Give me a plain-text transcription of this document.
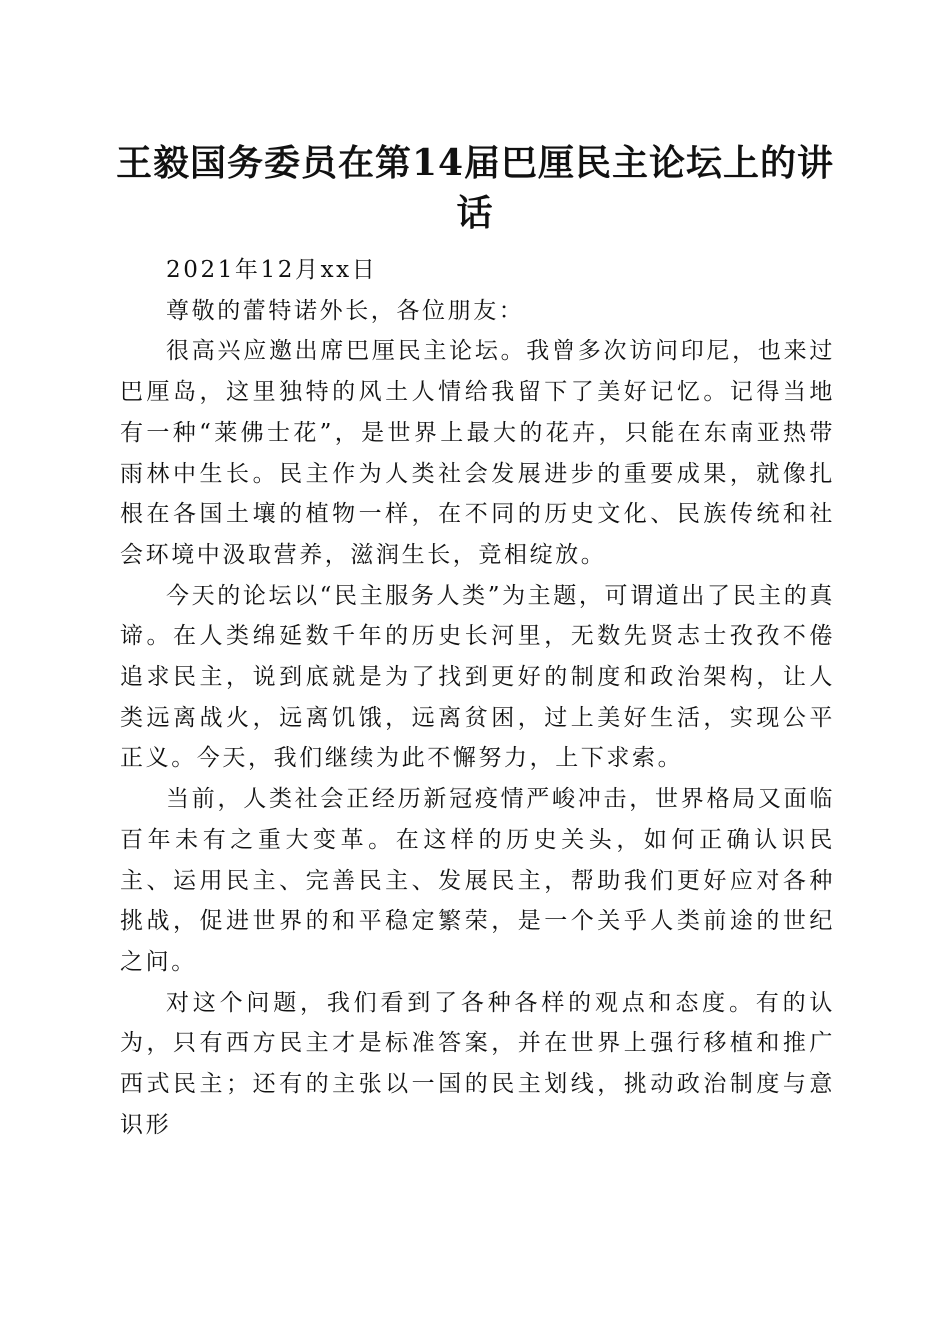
王毅国务委员在第14届巴厘民主论坛上的讲话

2021年12月xx日

尊敬的蕾特诺外长，各位朋友：

很高兴应邀出席巴厘民主论坛。我曾多次访问印尼，也来过巴厘岛，这里独特的风土人情给我留下了美好记忆。记得当地有一种“莱佛士花”，是世界上最大的花卉，只能在东南亚热带雨林中生长。民主作为人类社会发展进步的重要成果，就像扎根在各国土壤的植物一样，在不同的历史文化、民族传统和社会环境中汲取营养，滋润生长，竞相绽放。

今天的论坛以“民主服务人类”为主题，可谓道出了民主的真谛。在人类绵延数千年的历史长河里，无数先贤志士孜孜不倦追求民主，说到底就是为了找到更好的制度和政治架构，让人类远离战火，远离饥饿，远离贫困，过上美好生活，实现公平正义。今天，我们继续为此不懈努力，上下求索。

当前，人类社会正经历新冠疫情严峻冲击，世界格局又面临百年未有之重大变革。在这样的历史关头，如何正确认识民主、运用民主、完善民主、发展民主，帮助我们更好应对各种挑战，促进世界的和平稳定繁荣，是一个关乎人类前途的世纪之问。

对这个问题，我们看到了各种各样的观点和态度。有的认为，只有西方民主才是标准答案，并在世界上强行移植和推广西式民主；还有的主张以一国的民主划线，挑动政治制度与意识形
